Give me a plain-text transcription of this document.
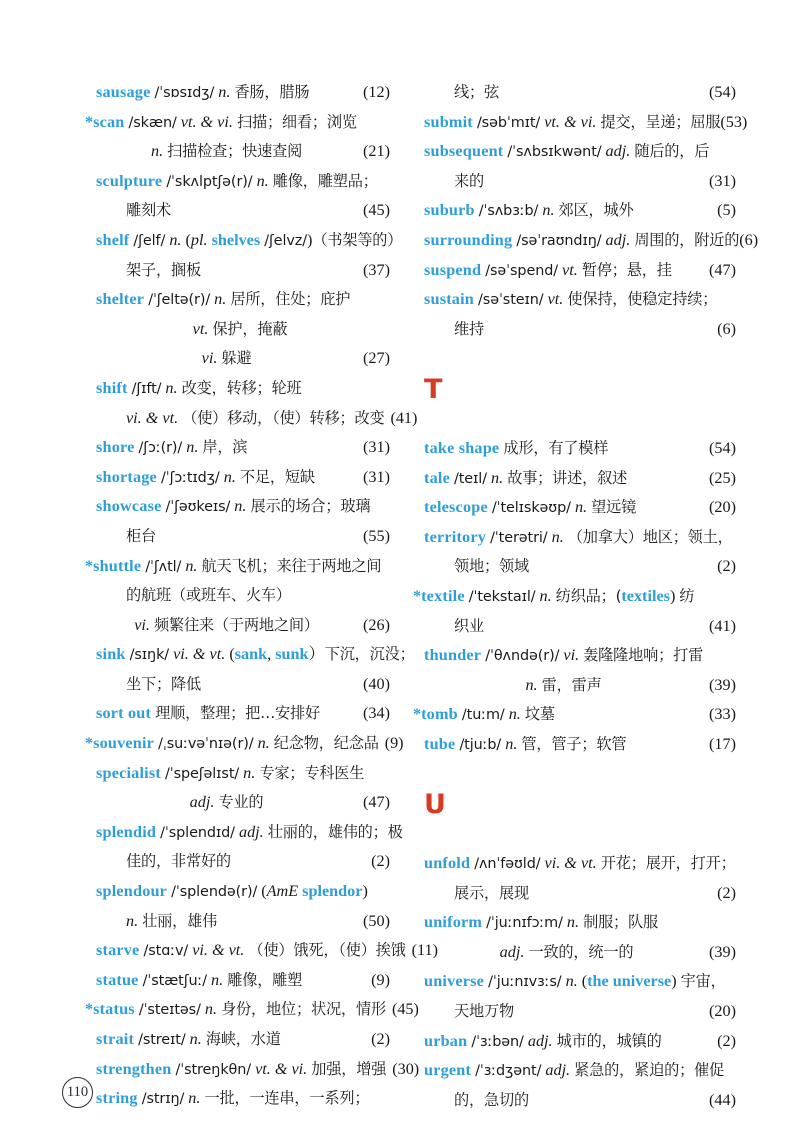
sausage /ˈsɒsɪdʒ/ n. 香肠，腊肠	(12)
*scan /skæn/ vt. & vi. 扫描；细看；浏览
n. 扫描检查；快速查阅	(21)
sculpture /ˈskʌlptʃə(r)/ n. 雕像，雕塑品；
雕刻术	(45)
shelf /ʃelf/ n. (pl. shelves /ʃelvz/)（书架等的）
架子，搁板	(37)
shelter /ˈʃeltə(r)/ n. 居所，住处；庇护
vt. 保护，掩蔽
vi. 躲避	(27)
shift /ʃɪft/ n. 改变，转移；轮班
vi. & vt. （使）移动，（使）转移；改变 (41)
shore /ʃɔː(r)/ n. 岸，滨	(31)
shortage /ˈʃɔːtɪdʒ/ n. 不足，短缺	(31)
showcase /ˈʃəʊkeɪs/ n. 展示的场合；玻璃
柜台	(55)
*shuttle /ˈʃʌtl/ n. 航天飞机；来往于两地之间
的航班（或班车、火车）
vi. 频繁往来（于两地之间）	(26)
sink /sɪŋk/ vi. & vt. (sank, sunk）下沉，沉没；
坐下；降低	(40)
sort out 理顺，整理；把…安排好	(34)
*souvenir /ˌsuːvəˈnɪə(r)/ n. 纪念物，纪念品 (9)
specialist /ˈspeʃəlɪst/ n. 专家；专科医生
adj. 专业的	(47)
splendid /ˈsplendɪd/ adj. 壮丽的，雄伟的；极
佳的，非常好的	(2)
splendour /ˈsplendə(r)/ (AmE splendor)
n. 壮丽，雄伟	(50)
starve /stɑːv/ vi. & vt. （使）饿死，（使）挨饿 (11)
statue /ˈstætʃuː/ n. 雕像，雕塑	(9)
*status /ˈsteɪtəs/ n. 身份，地位；状况，情形 (45)
strait /streɪt/ n. 海峡，水道	(2)
strengthen /ˈstreŋkθn/ vt. & vi. 加强，增强 (30)
string /strɪŋ/ n. 一批，一连串，一系列；
线；弦	(54)
submit /səbˈmɪt/ vt. & vi. 提交，呈递；屈服 (53)
subsequent /ˈsʌbsɪkwənt/ adj. 随后的，后
来的	(31)
suburb /ˈsʌbɜːb/ n. 郊区，城外	(5)
surrounding /səˈraʊndɪŋ/ adj. 周围的，附近的 (6)
suspend /səˈspend/ vt. 暂停；悬，挂	(47)
sustain /səˈsteɪn/ vt. 使保持，使稳定持续；
维持	(6)
T
take shape 成形，有了模样	(54)
tale /teɪl/ n. 故事；讲述，叙述	(25)
telescope /ˈtelɪskəʊp/ n. 望远镜	(20)
territory /ˈterətri/ n. （加拿大）地区；领土，
领地；领域	(2)
*textile /ˈtekstaɪl/ n. 纺织品；(textiles) 纺
织业	(41)
thunder /ˈθʌndə(r)/ vi. 轰隆隆地响；打雷
n. 雷，雷声	(39)
*tomb /tuːm/ n. 坟墓	(33)
tube /tjuːb/ n. 管，管子；软管	(17)
U
unfold /ʌnˈfəʊld/ vi. & vt. 开花；展开，打开；
展示，展现	(2)
uniform /ˈjuːnɪfɔːm/ n. 制服；队服
adj. 一致的，统一的	(39)
universe /ˈjuːnɪvɜːs/ n. (the universe) 宇宙，
天地万物	(20)
urban /ˈɜːbən/ adj. 城市的，城镇的	(2)
urgent /ˈɜːdʒənt/ adj. 紧急的，紧迫的；催促
的，急切的	(44)
110
